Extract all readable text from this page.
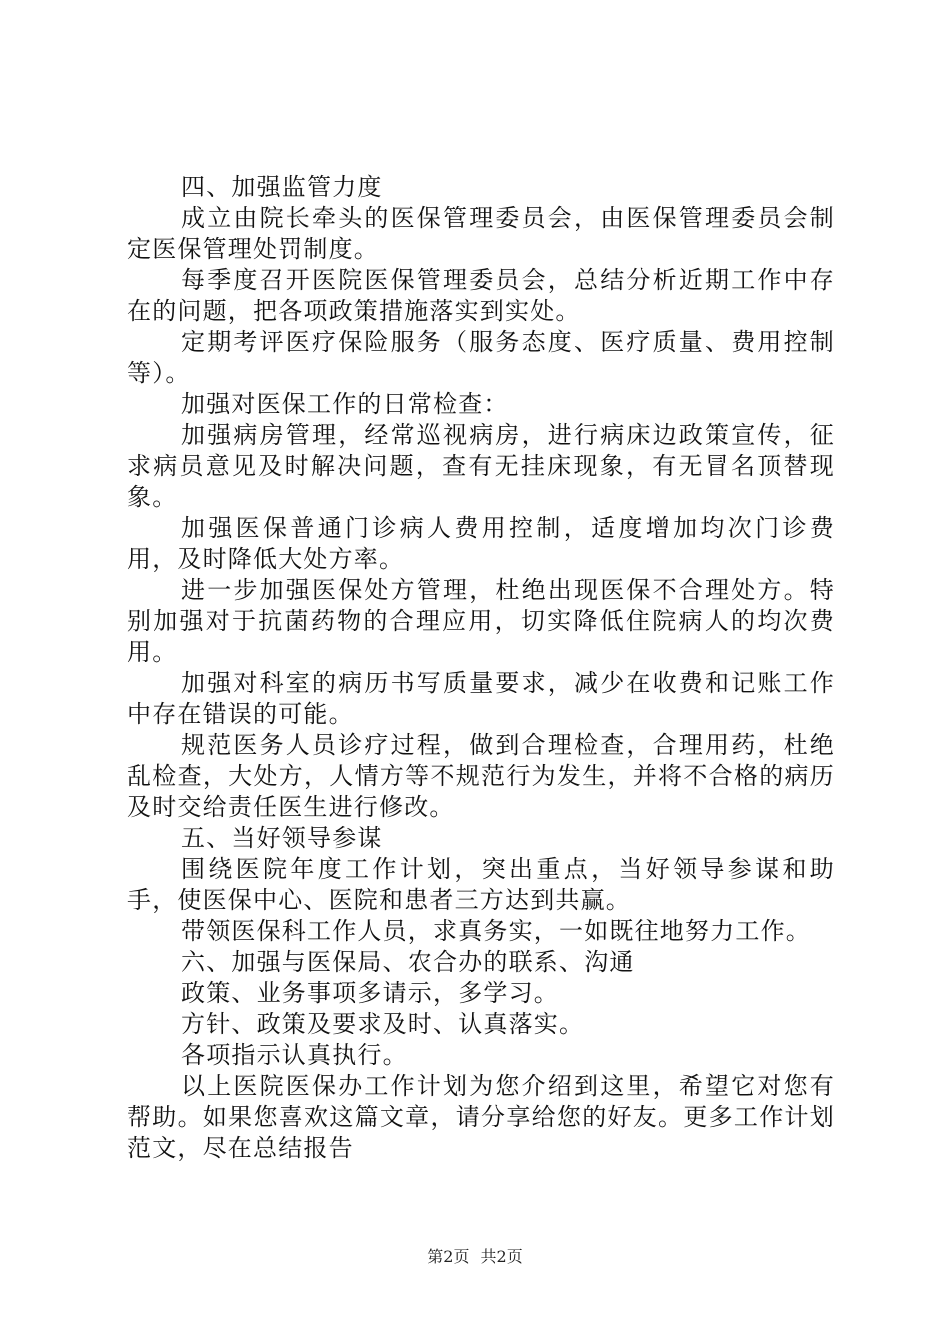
四、加强监管力度

成立由院长牵头的医保管理委员会，由医保管理委员会制定医保管理处罚制度。

每季度召开医院医保管理委员会，总结分析近期工作中存在的问题，把各项政策措施落实到实处。

定期考评医疗保险服务（服务态度、医疗质量、费用控制等）。

加强对医保工作的日常检查：

加强病房管理，经常巡视病房，进行病床边政策宣传，征求病员意见及时解决问题，查有无挂床现象，有无冒名顶替现象。

加强医保普通门诊病人费用控制，适度增加均次门诊费用，及时降低大处方率。

进一步加强医保处方管理，杜绝出现医保不合理处方。特别加强对于抗菌药物的合理应用，切实降低住院病人的均次费用。

加强对科室的病历书写质量要求，减少在收费和记账工作中存在错误的可能。

规范医务人员诊疗过程，做到合理检查，合理用药，杜绝乱检查，大处方，人情方等不规范行为发生，并将不合格的病历及时交给责任医生进行修改。

五、当好领导参谋

围绕医院年度工作计划，突出重点，当好领导参谋和助手，使医保中心、医院和患者三方达到共赢。

带领医保科工作人员，求真务实，一如既往地努力工作。

六、加强与医保局、农合办的联系、沟通

政策、业务事项多请示，多学习。

方针、政策及要求及时、认真落实。

各项指示认真执行。

以上医院医保办工作计划为您介绍到这里，希望它对您有帮助。如果您喜欢这篇文章，请分享给您的好友。更多工作计划范文，尽在总结报告

第2页 共2页
